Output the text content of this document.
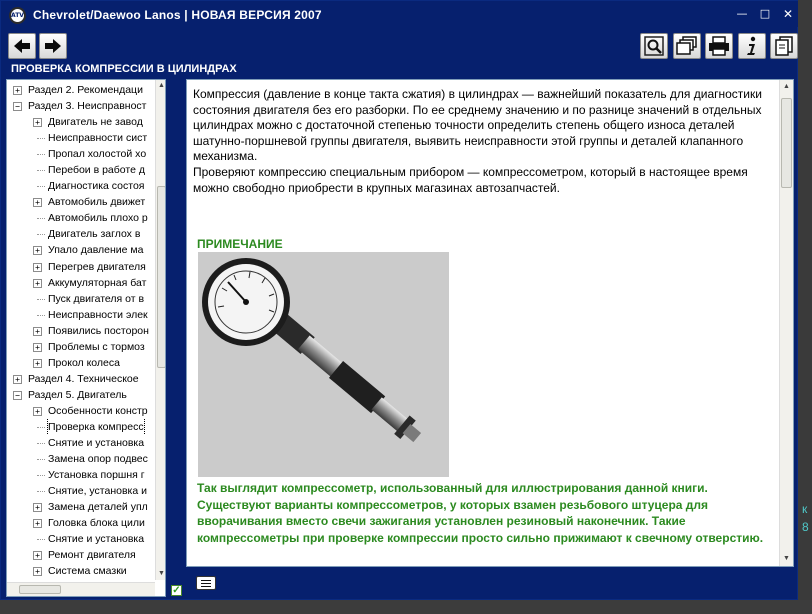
ATV Chevrolet/Daewoo Lanos | НОВАЯ ВЕРСИЯ 2007	—	□	✕
ПРОВЕРКА КОМПРЕССИИ В ЦИЛИНДРАХ
+ Раздел 2. Рекомендаци
− Раздел 3. Неисправност
+ Двигатель не завод
Неисправности сист
Пропал холостой хо
Перебои в работе д
Диагностика состоя
+ Автомобиль движет
Автомобиль плохо р
Двигатель заглох в
+ Упало давление ма
+ Перегрев двигателя
+ Аккумуляторная бат
Пуск двигателя от в
Неисправности элек
+ Появились посторон
+ Проблемы с тормоз
+ Прокол колеса
+ Раздел 4. Техническое
− Раздел 5. Двигатель
+ Особенности констр
Проверка компресс
Снятие и установка
Замена опор подвес
Установка поршня г
Снятие, установка и
+ Замена деталей упл
+ Головка блока цили
Снятие и установка
+ Ремонт двигателя
+ Система смазки
▲
▼
✓
Компрессия (давление в конце такта сжатия) в цилиндрах — важнейший показатель для диагностики состояния двигателя без его разборки. По ее среднему значению и по разнице значений в отдельных цилиндрах можно с достаточной степенью точности определить степень общего износа деталей шатунно-поршневой группы двигателя, выявить неисправности этой группы и деталей клапанного механизма.
Проверяют компрессию специальным прибором — компрессометром, который в настоящее время можно свободно приобрести в крупных магазинах автозапчастей.
ПРИМЕЧАНИЕ
Так выглядит компрессометр, использованный для иллюстрирования данной книги. Существуют варианты компрессометров, у которых взамен резьбового штуцера для вворачивания вместо свечи зажигания установлен резиновый наконечник. Такие компрессометры при проверке компрессии просто сильно прижимают к свечному отверстию.
▲
▼
к
8
